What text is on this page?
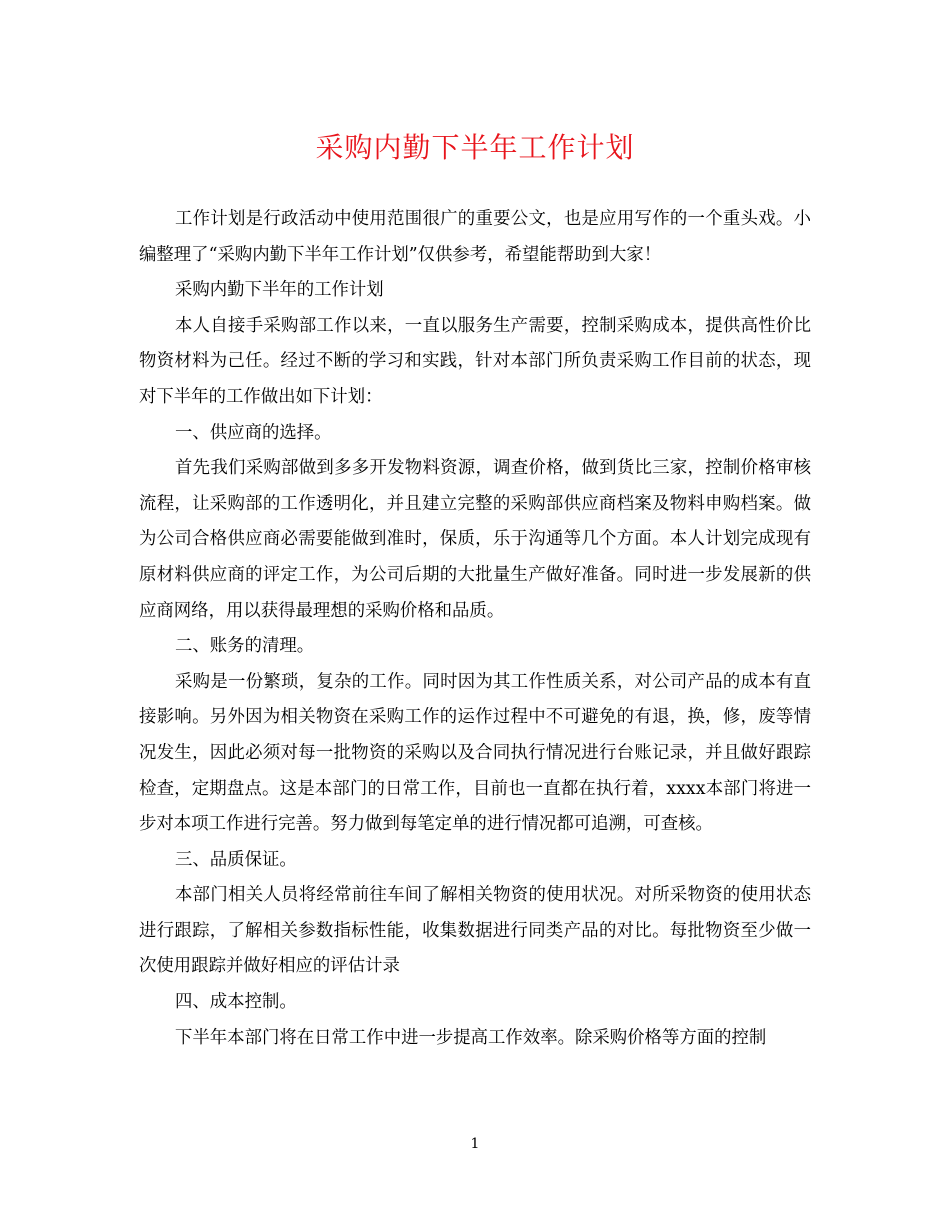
采购内勤下半年工作计划

工作计划是行政活动中使用范围很广的重要公文，也是应用写作的一个重头戏。小编整理了“采购内勤下半年工作计划”仅供参考，希望能帮助到大家！

采购内勤下半年的工作计划

本人自接手采购部工作以来，一直以服务生产需要，控制采购成本，提供高性价比物资材料为己任。经过不断的学习和实践，针对本部门所负责采购工作目前的状态，现对下半年的工作做出如下计划：

一、供应商的选择。

首先我们采购部做到多多开发物料资源，调查价格，做到货比三家，控制价格审核流程，让采购部的工作透明化，并且建立完整的采购部供应商档案及物料申购档案。做为公司合格供应商必需要能做到准时，保质，乐于沟通等几个方面。本人计划完成现有原材料供应商的评定工作，为公司后期的大批量生产做好准备。同时进一步发展新的供应商网络，用以获得最理想的采购价格和品质。

二、账务的清理。

采购是一份繁琐，复杂的工作。同时因为其工作性质关系，对公司产品的成本有直接影响。另外因为相关物资在采购工作的运作过程中不可避免的有退，换，修，废等情况发生，因此必须对每一批物资的采购以及合同执行情况进行台账记录，并且做好跟踪检查，定期盘点。这是本部门的日常工作，目前也一直都在执行着，xxxx本部门将进一步对本项工作进行完善。努力做到每笔定单的进行情况都可追溯，可查核。

三、品质保证。

本部门相关人员将经常前往车间了解相关物资的使用状况。对所采物资的使用状态进行跟踪，了解相关参数指标性能，收集数据进行同类产品的对比。每批物资至少做一次使用跟踪并做好相应的评估计录

四、成本控制。

下半年本部门将在日常工作中进一步提高工作效率。除采购价格等方面的控制

1
